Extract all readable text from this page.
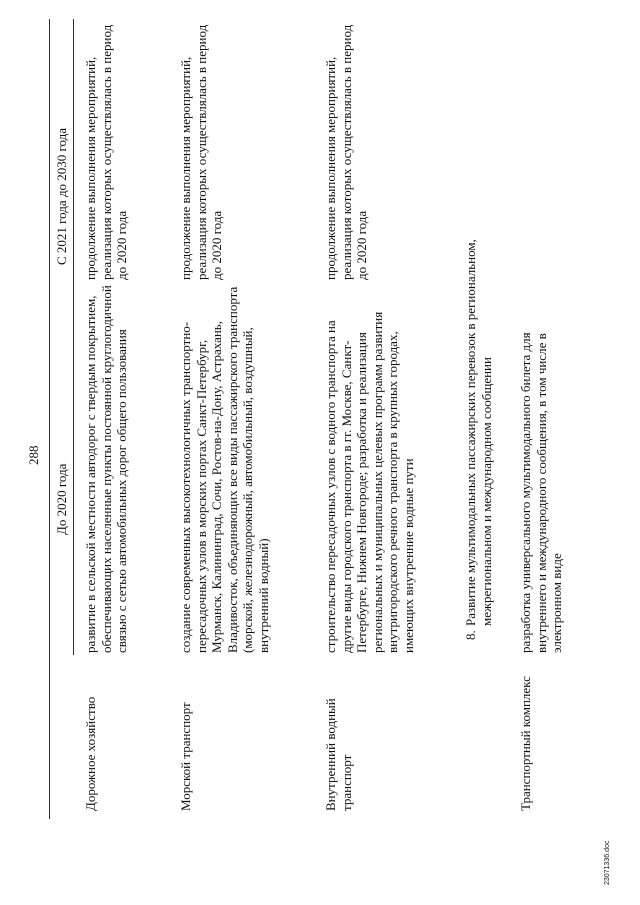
288
До 2020 года
С 2021 года до 2030 года

Дорожное хозяйство

развитие в сельской местности автодорог с твердым покрытием, обеспечивающих населенные пункты постоянной круглогодичной связью с сетью автомобильных дорог общего пользования

продолжение выполнения мероприятий, реализация которых осуществлялась в период до 2020 года

Морской транспорт

создание современных высокотехнологичных транспортно-пересадочных узлов в морских портах Санкт-Петербург, Мурманск, Калининград, Сочи, Ростов-на-Дону, Астрахань, Владивосток, объединяющих все виды пассажирского транспорта (морской, железнодорожный, автомобильный, воздушный, внутренний водный)

продолжение выполнения мероприятий, реализация которых осуществлялась в период до 2020 года

Внутренний водный транспорт

строительство пересадочных узлов с водного транспорта на другие виды городского транспорта в гг. Москве, Санкт-Петербурге, Нижнем Новгороде; разработка и реализация региональных и муниципальных целевых программ развития внутригородского речного транспорта в крупных городах, имеющих внутренние водные пути

продолжение выполнения мероприятий, реализация которых осуществлялась в период до 2020 года

8.
Развитие мультимодальных пассажирских перевозок в региональном, межрегиональном и международном сообщении

Транспортный комплекс

разработка универсального мультимодального билета для внутреннего и международного сообщения, в том числе в электронном виде

23071336.doc
